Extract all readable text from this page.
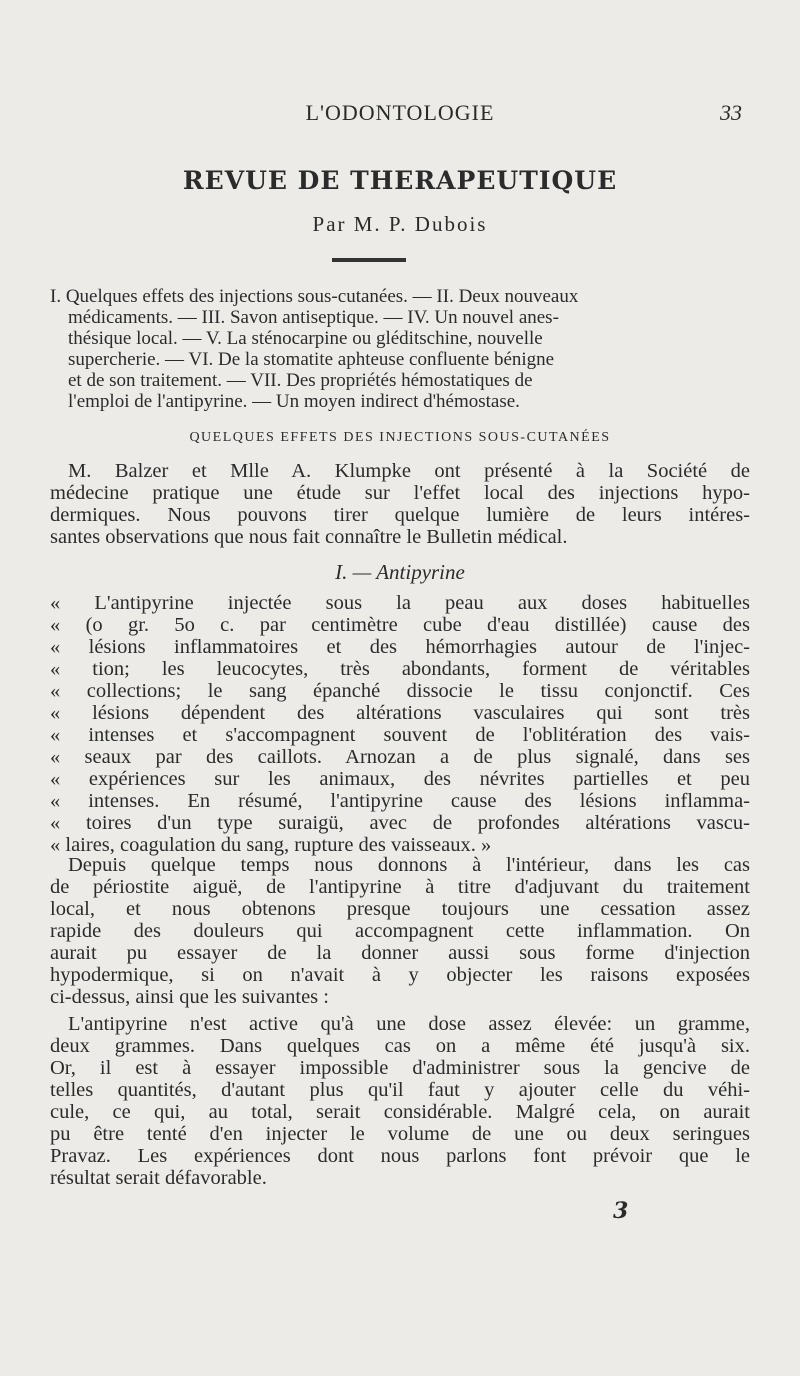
L'ODONTOLOGIE	33
REVUE DE THERAPEUTIQUE
Par M. P. Dubois
I. Quelques effets des injections sous-cutanées. — II. Deux nouveaux
médicaments. — III. Savon antiseptique. — IV. Un nouvel anes-
thésique local. — V. La sténocarpine ou gléditschine, nouvelle
supercherie. — VI. De la stomatite aphteuse confluente bénigne
et de son traitement. — VII. Des propriétés hémostatiques de
l'emploi de l'antipyrine. — Un moyen indirect d'hémostase.
QUELQUES EFFETS DES INJECTIONS SOUS-CUTANÉES
M. Balzer et Mlle A. Klumpke ont présenté à la Société de
médecine pratique une étude sur l'effet local des injections hypo-
dermiques. Nous pouvons tirer quelque lumière de leurs intéres-
santes observations que nous fait connaître le Bulletin médical.
I. — Antipyrine
« L'antipyrine injectée sous la peau aux doses habituelles
« (o gr. 5o c. par centimètre cube d'eau distillée) cause des
« lésions inflammatoires et des hémorrhagies autour de l'injec-
« tion; les leucocytes, très abondants, forment de véritables
« collections; le sang épanché dissocie le tissu conjonctif. Ces
« lésions dépendent des altérations vasculaires qui sont très
« intenses et s'accompagnent souvent de l'oblitération des vais-
« seaux par des caillots. Arnozan a de plus signalé, dans ses
« expériences sur les animaux, des névrites partielles et peu
« intenses. En résumé, l'antipyrine cause des lésions inflamma-
« toires d'un type suraigü, avec de profondes altérations vascu-
« laires, coagulation du sang, rupture des vaisseaux. »
Depuis quelque temps nous donnons à l'intérieur, dans les cas
de périostite aiguë, de l'antipyrine à titre d'adjuvant du traitement
local, et nous obtenons presque toujours une cessation assez
rapide des douleurs qui accompagnent cette inflammation. On
aurait pu essayer de la donner aussi sous forme d'injection
hypodermique, si on n'avait à y objecter les raisons exposées
ci-dessus, ainsi que les suivantes :
L'antipyrine n'est active qu'à une dose assez élevée: un gramme,
deux grammes. Dans quelques cas on a même été jusqu'à six.
Or, il est à essayer impossible d'administrer sous la gencive de
telles quantités, d'autant plus qu'il faut y ajouter celle du véhi-
cule, ce qui, au total, serait considérable. Malgré cela, on aurait
pu être tenté d'en injecter le volume de une ou deux seringues
Pravaz. Les expériences dont nous parlons font prévoir que le
résultat serait défavorable.
3
